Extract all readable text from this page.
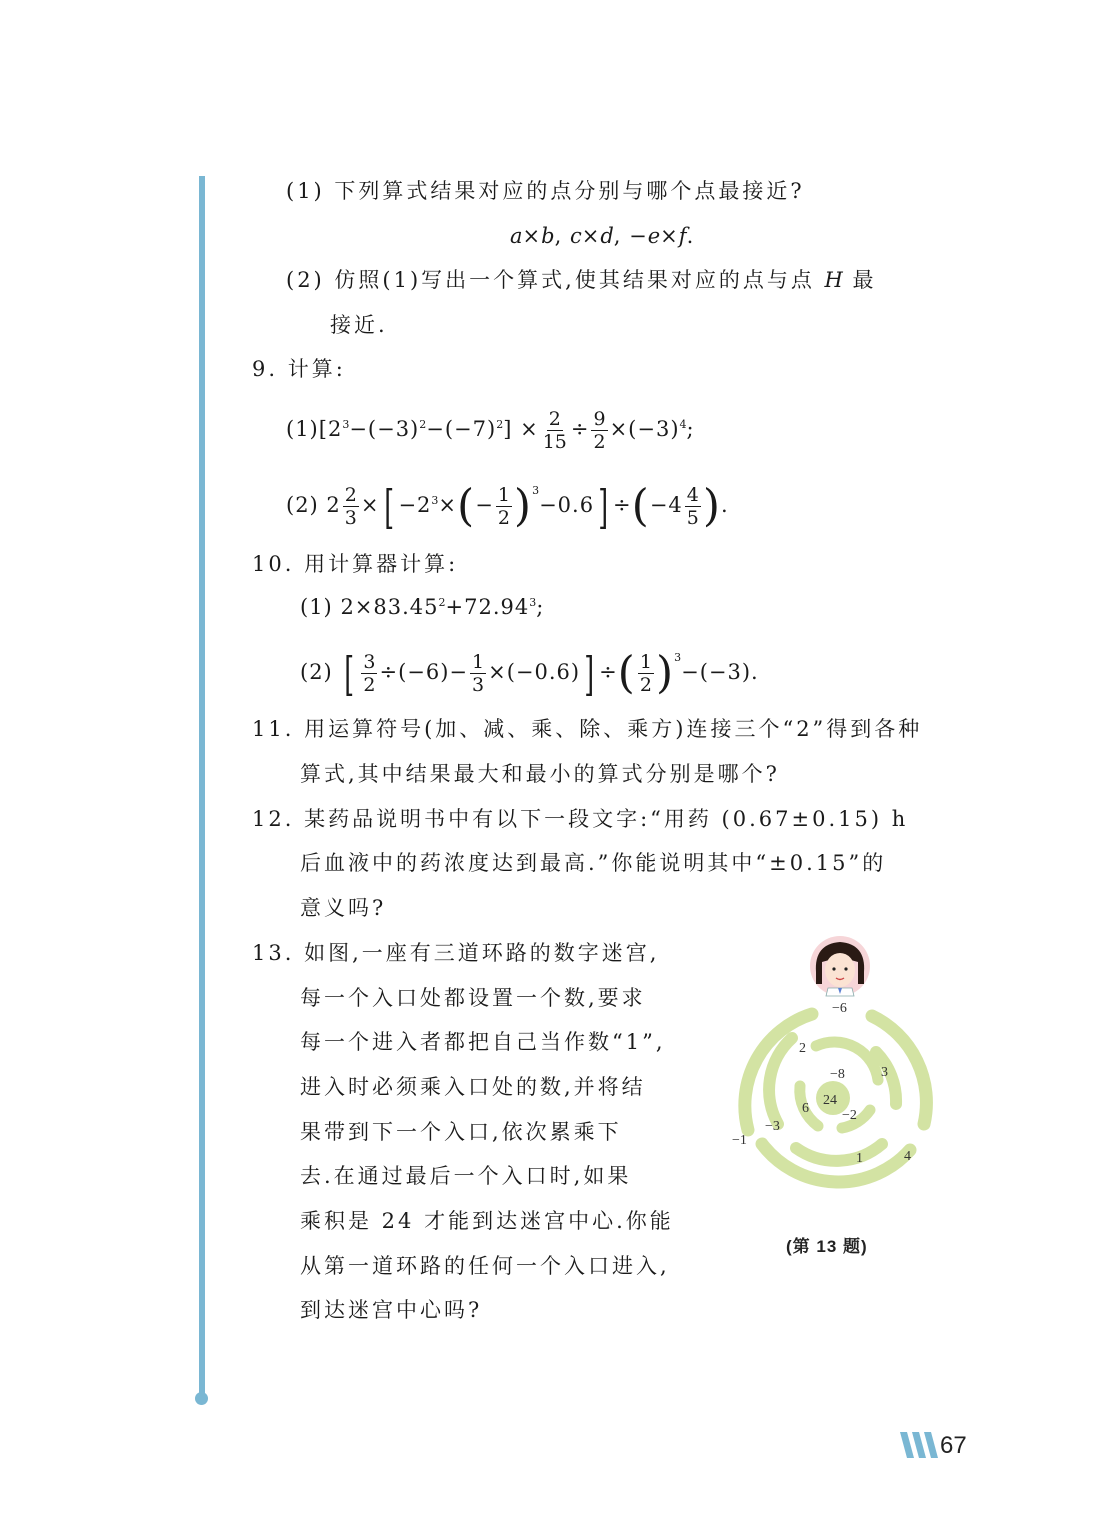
(1) 下列算式结果对应的点分别与哪个点最接近?
a×b, c×d, −e×f.
(2) 仿照(1)写出一个算式,使其结果对应的点与点 H 最
接近.
9. 计算:
$(1)[2^3-(-3)^2-(-7)^2] \times \frac{2}{15} \div \frac{9}{2} \times(-3)^4$;
(2) $2 \frac{2}{3}$ ×[ $-2^3\times(- \frac{1}{2} )^3-0.6] \div(-4 \frac{4}{5}$ ).
10. 用计算器计算:
(1) $2\times 83.45^2+72.94^3$;
(2) [ $\frac{3}{2} \div(-6)- \frac{1}{3} \times(-0.6)$] ÷( $\frac{1}{2} )^3-(-3)$.
11. 用运算符号(加、减、乘、除、乘方)连接三个“2”得到各种
算式,其中结果最大和最小的算式分别是哪个?
12. 某药品说明书中有以下一段文字:“用药 (0.67±0.15) h
后血液中的药浓度达到最高.”你能说明其中“±0.15”的
意义吗?
13. 如图,一座有三道环路的数字迷宫,
每一个入口处都设置一个数,要求
每一个进入者都把自己当作数“1”,
进入时必须乘入口处的数,并将结
果带到下一个入口,依次累乘下
去.在通过最后一个入口时,如果
乘积是 24 才能到达迷宫中心.你能
从第一道环路的任何一个入口进入,
到达迷宫中心吗?
−6
−1
4
2
3
1
−8
6
−3
−2
24
(第 13 题)
67
